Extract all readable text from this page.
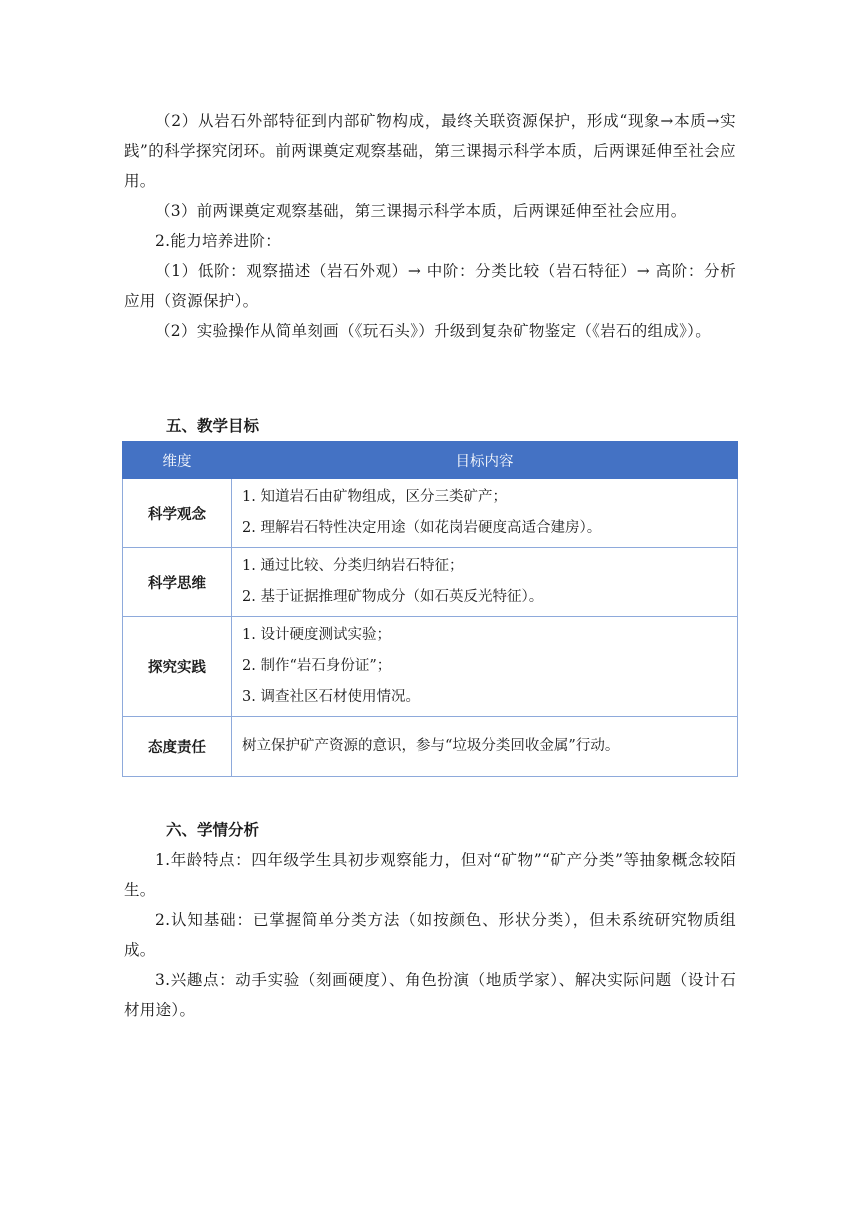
（2）从岩石外部特征到内部矿物构成，最终关联资源保护，形成“现象→本质→实践”的科学探究闭环。前两课奠定观察基础，第三课揭示科学本质，后两课延伸至社会应用。

（3）前两课奠定观察基础，第三课揭示科学本质，后两课延伸至社会应用。

2.能力培养进阶：

（1）低阶：观察描述（岩石外观）→ 中阶：分类比较（岩石特征）→ 高阶：分析应用（资源保护）。

（2）实验操作从简单刻画（《玩石头》）升级到复杂矿物鉴定（《岩石的组成》）。

五、教学目标
维度	目标内容
科学观念	1. 知道岩石由矿物组成，区分三类矿产；
2. 理解岩石特性决定用途（如花岗岩硬度高适合建房）。

科学思维	1. 通过比较、分类归纳岩石特征；
2. 基于证据推理矿物成分（如石英反光特征）。

探究实践	1. 设计硬度测试实验；
2. 制作“岩石身份证”；
3. 调查社区石材使用情况。

态度责任	树立保护矿产资源的意识，参与“垃圾分类回收金属”行动。
六、学情分析

1.年龄特点：四年级学生具初步观察能力，但对“矿物”“矿产分类”等抽象概念较陌生。

2.认知基础：已掌握简单分类方法（如按颜色、形状分类），但未系统研究物质组成。

3.兴趣点：动手实验（刻画硬度）、角色扮演（地质学家）、解决实际问题（设计石材用途）。
